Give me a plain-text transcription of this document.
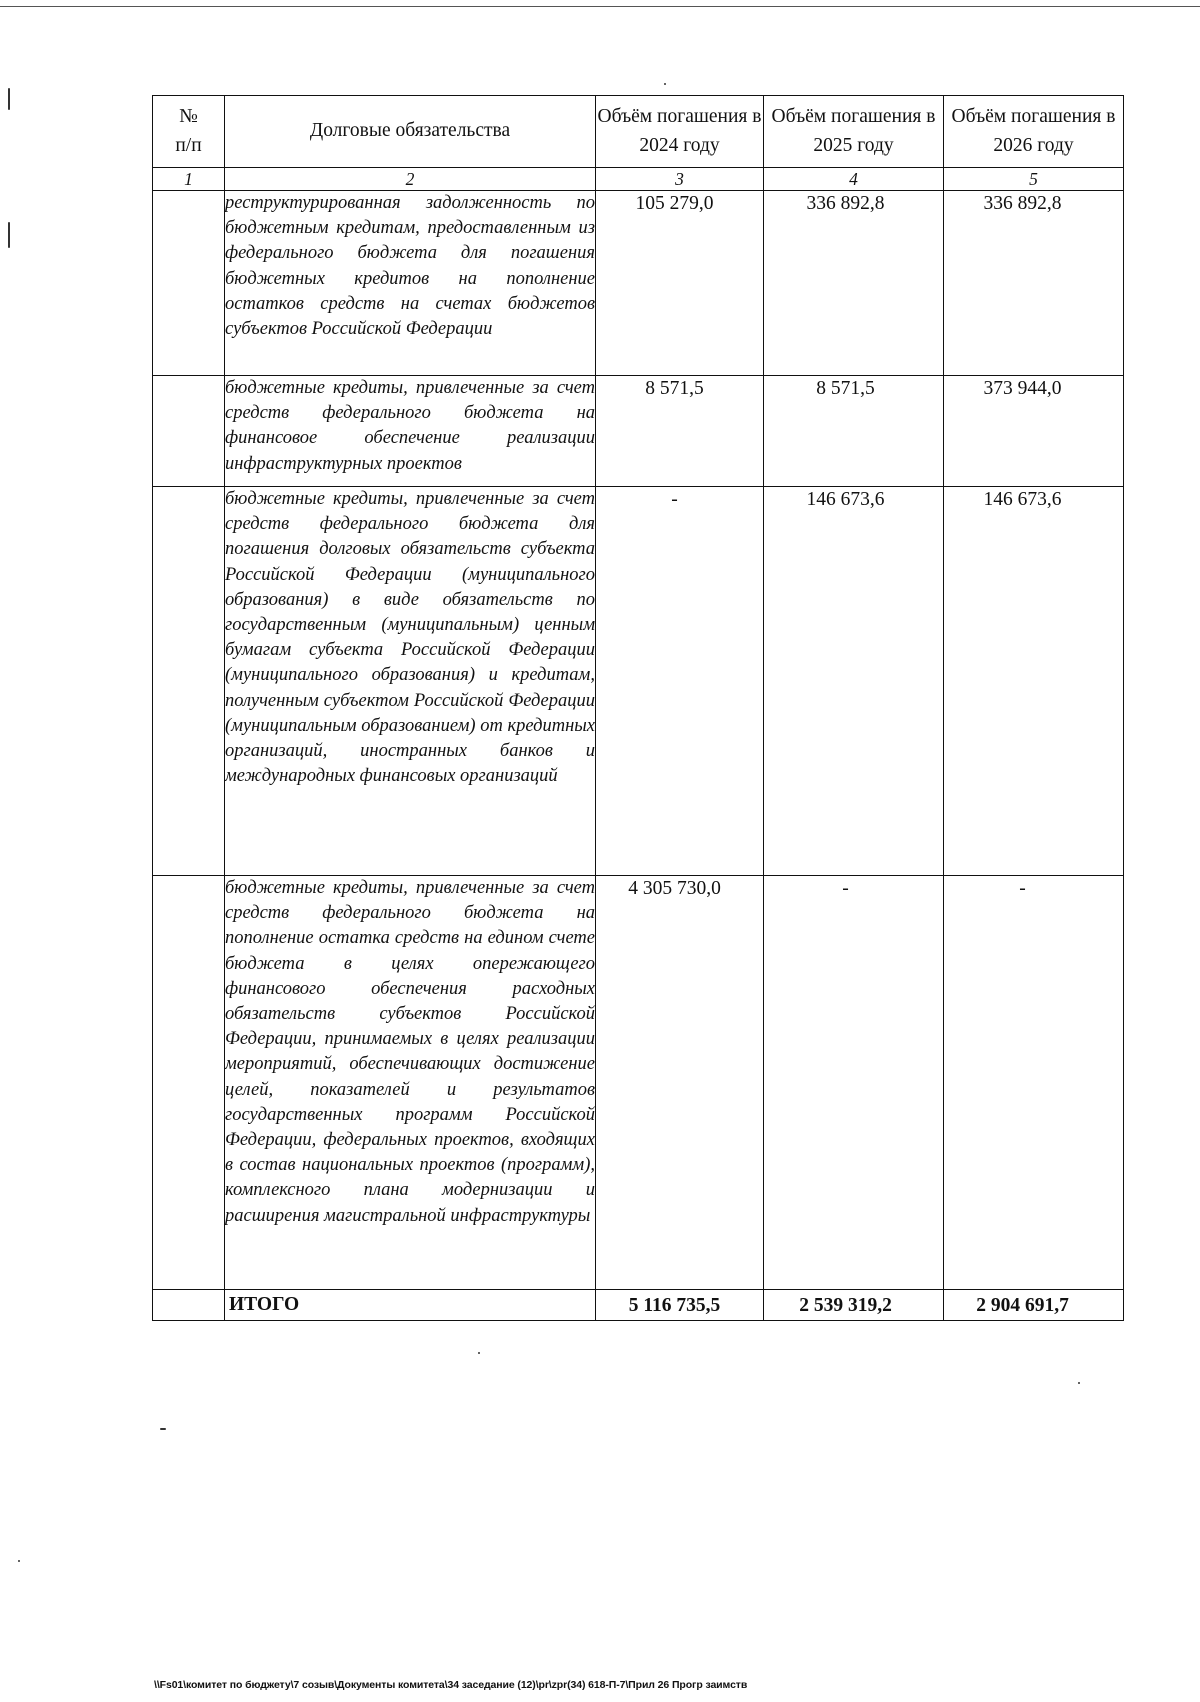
№ п/п	Долговые обязательства	Объём погашения в 2024 году	Объём погашения в 2025 году	Объём погашения в 2026 году
1	2	3	4	5
	реструктурированная задолженность по бюджетным кредитам, предоставленным из федерального бюджета для погашения бюджетных кредитов на пополнение остатков средств на счетах бюджетов субъектов Российской Федерации	105 279,0	336 892,8	336 892,8
	бюджетные кредиты, привлеченные за счет средств федерального бюджета на финансовое обеспечение реализации инфраструктурных проектов	8 571,5	8 571,5	373 944,0
	бюджетные кредиты, привлеченные за счет средств федерального бюджета для погашения долговых обязательств субъекта Российской Федерации (муниципального образования) в виде обязательств по государственным (муниципальным) ценным бумагам субъекта Российской Федерации (муниципального образования) и кредитам, полученным субъектом Российской Федерации (муниципальным образованием) от кредитных организаций, иностранных банков и международных финансовых организаций	-	146 673,6	146 673,6
	бюджетные кредиты, привлеченные за счет средств федерального бюджета на пополнение остатка средств на едином счете бюджета в целях опережающего финансового обеспечения расходных обязательств субъектов Российской Федерации, принимаемых в целях реализации мероприятий, обеспечивающих достижение целей, показателей и результатов государственных программ Российской Федерации, федеральных проектов, входящих в состав национальных проектов (программ), комплексного плана модернизации и расширения магистральной инфраструктуры	4 305 730,0	-	-
	ИТОГО	5 116 735,5	2 539 319,2	2 904 691,7
\\Fs01\комитет по бюджету\7 созыв\Документы комитета\34 заседание (12)\pr\zpr(34) 618-П-7\Прил 26 Прогр заимств
